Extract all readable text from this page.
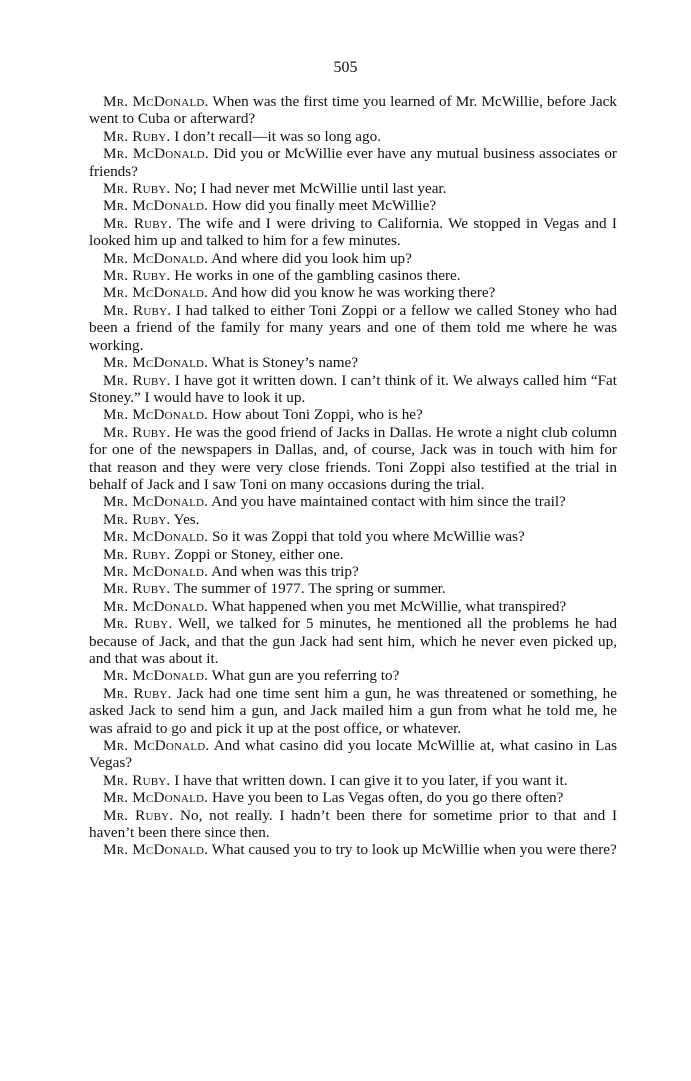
505

Mr. McDonald. When was the first time you learned of Mr. McWillie, before Jack went to Cuba or afterward?

Mr. Ruby. I don’t recall—it was so long ago.

Mr. McDonald. Did you or McWillie ever have any mutual business associates or friends?

Mr. Ruby. No; I had never met McWillie until last year.

Mr. McDonald. How did you finally meet McWillie?

Mr. Ruby. The wife and I were driving to California. We stopped in Vegas and I looked him up and talked to him for a few minutes.

Mr. McDonald. And where did you look him up?

Mr. Ruby. He works in one of the gambling casinos there.

Mr. McDonald. And how did you know he was working there?

Mr. Ruby. I had talked to either Toni Zoppi or a fellow we called Stoney who had been a friend of the family for many years and one of them told me where he was working.

Mr. McDonald. What is Stoney’s name?

Mr. Ruby. I have got it written down. I can’t think of it. We always called him “Fat Stoney.” I would have to look it up.

Mr. McDonald. How about Toni Zoppi, who is he?

Mr. Ruby. He was the good friend of Jacks in Dallas. He wrote a night club column for one of the newspapers in Dallas, and, of course, Jack was in touch with him for that reason and they were very close friends. Toni Zoppi also testified at the trial in behalf of Jack and I saw Toni on many occasions during the trial.

Mr. McDonald. And you have maintained contact with him since the trail?

Mr. Ruby. Yes.

Mr. McDonald. So it was Zoppi that told you where McWillie was?

Mr. Ruby. Zoppi or Stoney, either one.

Mr. McDonald. And when was this trip?

Mr. Ruby. The summer of 1977. The spring or summer.

Mr. McDonald. What happened when you met McWillie, what transpired?

Mr. Ruby. Well, we talked for 5 minutes, he mentioned all the problems he had because of Jack, and that the gun Jack had sent him, which he never even picked up, and that was about it.

Mr. McDonald. What gun are you referring to?

Mr. Ruby. Jack had one time sent him a gun, he was threatened or something, he asked Jack to send him a gun, and Jack mailed him a gun from what he told me, he was afraid to go and pick it up at the post office, or whatever.

Mr. McDonald. And what casino did you locate McWillie at, what casino in Las Vegas?

Mr. Ruby. I have that written down. I can give it to you later, if you want it.

Mr. McDonald. Have you been to Las Vegas often, do you go there often?

Mr. Ruby. No, not really. I hadn’t been there for sometime prior to that and I haven’t been there since then.

Mr. McDonald. What caused you to try to look up McWillie when you were there?
